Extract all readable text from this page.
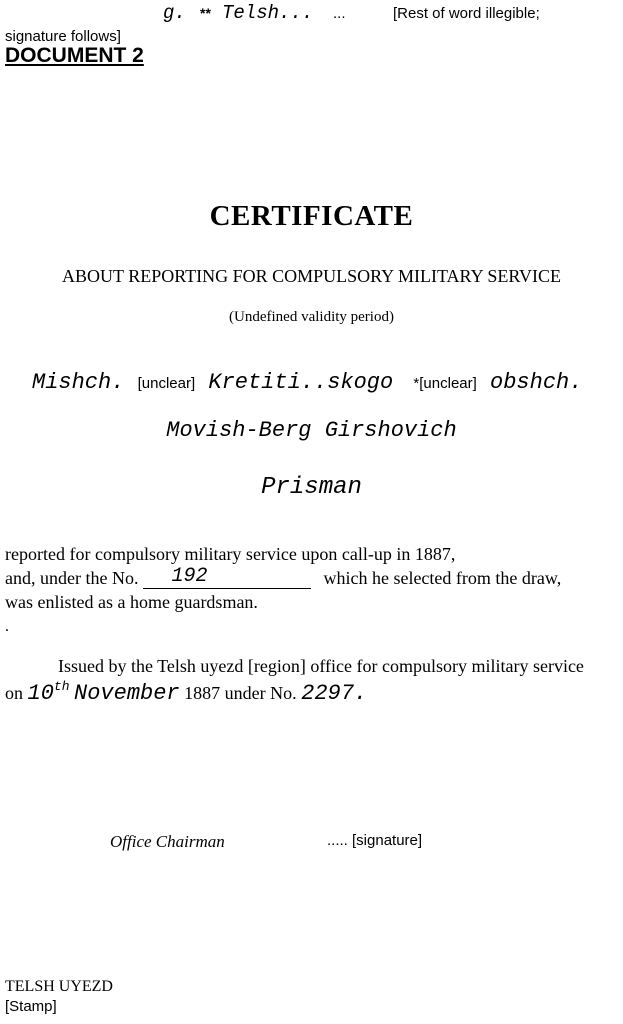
g. ** Telsh... ...	[Rest of word illegible;
signature follows]
DOCUMENT 2
CERTIFICATE
ABOUT REPORTING FOR COMPULSORY MILITARY SERVICE
(Undefined validity period)
Mishch. [unclear] Kretiti..skogo *[unclear] obshch.
Movish-Berg Girshovich
Prisman
reported for compulsory military service upon call-up in 1887,
and, under the No. 192	which he selected from the draw,
was enlisted as a home guardsman.
.
Issued by the Telsh uyezd [region] office for compulsory military service
on 10th November 1887 under No. 2297.
Office Chairman	..... [signature]
TELSH UYEZD
[Stamp]
